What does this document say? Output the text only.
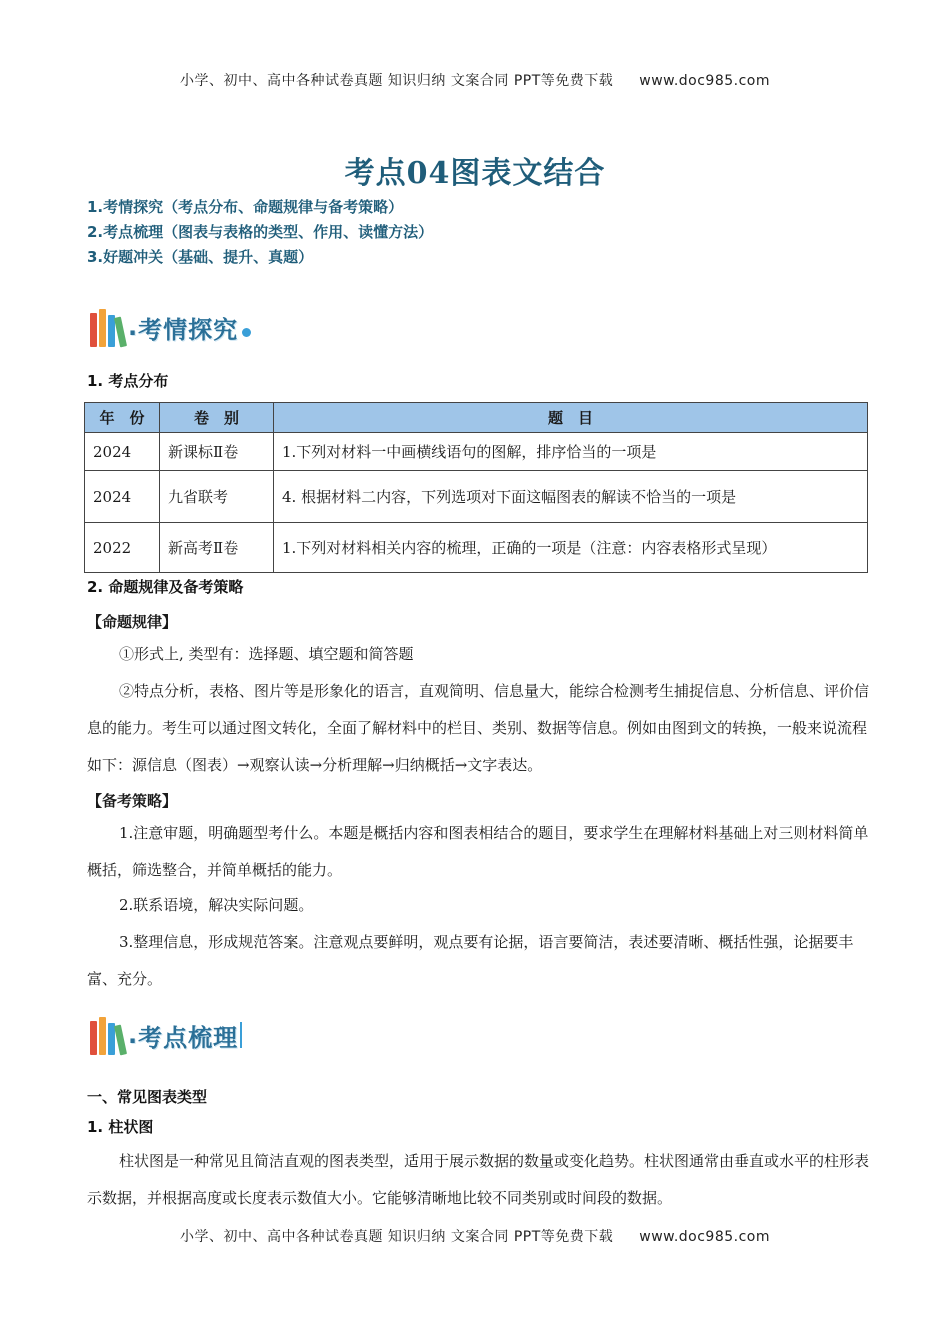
小学、初中、高中各种试卷真题 知识归纳 文案合同 PPT等免费下载 www.doc985.com
考点04图表文结合
1.考情探究（考点分布、命题规律与备考策略）
2.考点梳理（图表与表格的类型、作用、读懂方法）
3.好题冲关（基础、提升、真题）
. 考情探究
1. 考点分布
年　份	卷　别	题　目
2024	新课标Ⅱ卷	1.下列对材料一中画横线语句的图解，排序恰当的一项是
2024	九省联考	4. 根据材料二内容，下列选项对下面这幅图表的解读不恰当的一项是
2022	新高考Ⅱ卷	1.下列对材料相关内容的梳理，正确的一项是（注意：内容表格形式呈现）
2. 命题规律及备考策略
【命题规律】
①形式上, 类型有：选择题、填空题和简答题
②特点分析，表格、图片等是形象化的语言，直观简明、信息量大，能综合检测考生捕捉信息、分析信息、评价信息的能力。考生可以通过图文转化，全面了解材料中的栏目、类别、数据等信息。例如由图到文的转换，一般来说流程如下：源信息（图表）→观察认读→分析理解→归纳概括→文字表达。
【备考策略】
1.注意审题，明确题型考什么。本题是概括内容和图表相结合的题目，要求学生在理解材料基础上对三则材料简单概括，筛选整合，并简单概括的能力。
2.联系语境，解决实际问题。
3.整理信息，形成规范答案。注意观点要鲜明，观点要有论据，语言要简洁，表述要清晰、概括性强，论据要丰富、充分。
. 考点梳理
一、常见图表类型
1. 柱状图
柱状图是一种常见且简洁直观的图表类型，适用于展示数据的数量或变化趋势。柱状图通常由垂直或水平的柱形表示数据，并根据高度或长度表示数值大小。它能够清晰地比较不同类别或时间段的数据。
小学、初中、高中各种试卷真题 知识归纳 文案合同 PPT等免费下载 www.doc985.com
